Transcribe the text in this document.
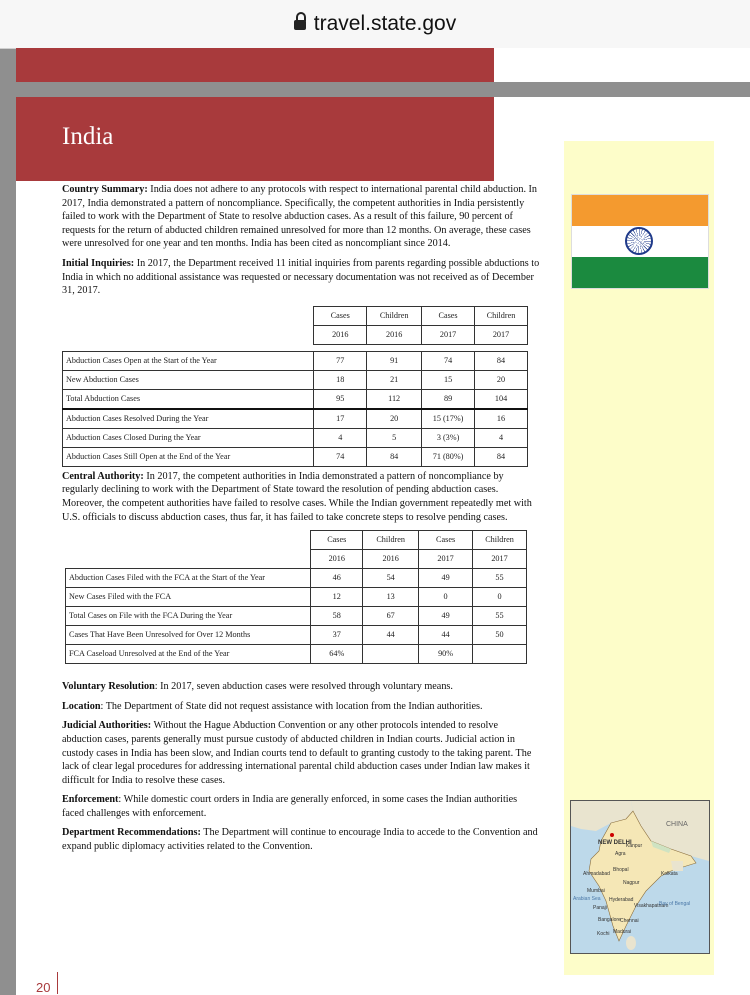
travel.state.gov
India
CHINA
NEW DELHI
Agra
Kanpur
Ahmadabad
Bhopal
Kolkata
Mumbai
Nagpur
Hyderabad
Visakhapatnam
Panaji
Bangalore Chennai
Kochi Madurai
Arabian Sea
Bay of Bengal

Country Summary: India does not adhere to any protocols with respect to international parental child abduction. In 2017, India demonstrated a pattern of noncompliance. Specifically, the competent authorities in India persistently failed to work with the Department of State to resolve abduction cases. As a result of this failure, 90 percent of requests for the return of abducted children remained unresolved for more than 12 months. On average, these cases were unresolved for one year and ten months. India has been cited as noncompliant since 2014.

Initial Inquiries: In 2017, the Department received 11 initial inquiries from parents regarding possible abductions to India in which no additional assistance was requested or necessary documentation was not received as of December 31, 2017.

	Cases	Children	Cases	Children
	2016	2016	2017	2017

Abduction Cases Open at the Start of the Year	77	91	74	84
New Abduction Cases	18	21	15	20
Total Abduction Cases	95	112	89	104
Abduction Cases Resolved During the Year	17	20	15 (17%)	16
Abduction Cases Closed During the Year	4	5	3 (3%)	4
Abduction Cases Still Open at the End of the Year	74	84	71 (80%)	84

Central Authority: In 2017, the competent authorities in India demonstrated a pattern of noncompliance by regularly declining to work with the Department of State toward the resolution of pending abduction cases. Moreover, the competent authorities have failed to resolve cases. While the Indian government repeatedly met with U.S. officials to discuss abduction cases, thus far, it has failed to take concrete steps to resolve pending cases.

	Cases	Children	Cases	Children
	2016	2016	2017	2017
Abduction Cases Filed with the FCA at the Start of the Year	46	54	49	55
New Cases Filed with the FCA	12	13	0	0
Total Cases on File with the FCA During the Year	58	67	49	55
Cases That Have Been Unresolved for Over 12 Months	37	44	44	50
FCA Caseload Unresolved at the End of the Year	64%		90%	

Voluntary Resolution: In 2017, seven abduction cases were resolved through voluntary means.

Location: The Department of State did not request assistance with location from the Indian authorities.

Judicial Authorities: Without the Hague Abduction Convention or any other protocols intended to resolve abduction cases, parents generally must pursue custody of abducted children in Indian courts. Judicial action in custody cases in India has been slow, and Indian courts tend to default to granting custody to the taking parent. The lack of clear legal procedures for addressing international parental child abduction cases under Indian law makes it difficult for India to resolve these cases.

Enforcement: While domestic court orders in India are generally enforced, in some cases the Indian authorities faced challenges with enforcement.

Department Recommendations: The Department will continue to encourage India to accede to the Convention and expand public diplomacy activities related to the Convention.

20
